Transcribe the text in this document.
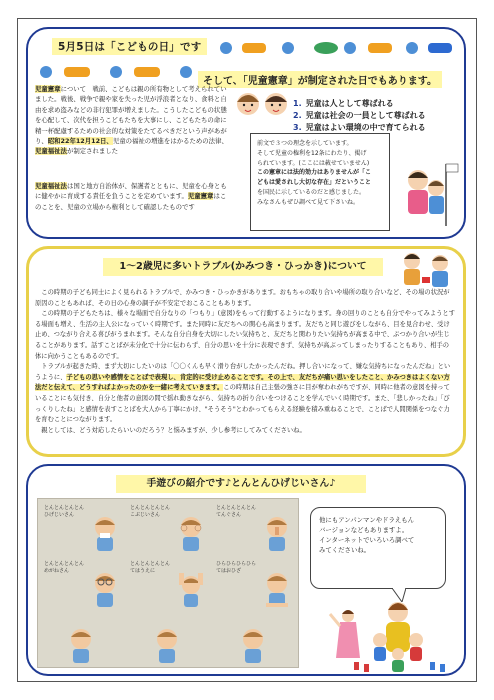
5月5日は「こどもの日」です
そして、「児童憲章」が制定された日でもあります。
児童憲章について　戦前、こどもは親の所有物として考えられていました。戦後、戦争で親や家を失った児が浮浪者となり、食料と自由を求め盗みなどの非行犯罪が増えました。こうしたこどもの状態を心配して、次代を担うこどもたちを大事にし、こどもたちの命に精一杯配慮するための社会的な対策をたてるべきだという声があがり、昭和22年12月12日、児童の福祉の増進をはかるための法律、児童福祉法が制定されました
児童福祉法は国と地方自治体が、保護者とともに、児童を心身ともに健やかに育成する責任を負うことを定めています。児童憲章はこのことを、児童の立場から権利として確認したものです
1. 児童は人として尊ばれる
2. 児童は社会の一員として尊ばれる
3. 児童はよい環境の中で育てられる
前文で３つの理念を示しています。
そして児童の権利を12条にわたり、掲げ
られています。(ここには載せていません)
この憲章には法的効力はありませんが「こ
どもは愛されし大切な存在」だということ
を国民に示しているのだと感じました。
みなさんもぜひ調べて見て下さいね。
1～2歳児に多いトラブル(かみつき・ひっかき)について

この時期の子ども同士によく見られるトラブルで、かみつき・ひっかきがあります。おもちゃの取り合いや場所の取り合いなど、その場の状況が原因のこともあれば、その日の心身の調子が不安定でおこることもあります。

この時期の子どもたちは、様々な場面で自分なりの「つもり」(意図)をもって行動するようになります。身の回りのことも自分でやってみようとする場面も増え、生活の主人公になっていく時期です。また同時に友だちへの関心も高まります。友だちと同じ遊びをしながら、目を見合わせ、受け止め、つながり合える喜びがうまれます。そんな自分自身を大切にしたい気持ちと、友だちと関わりたい気持ちが高まる中で、ぶつかり合いが生じることがあります。話すことばが未分化で十分に伝わらず、自分の思いを十分に表現できず、気持ちが高ぶってしまったりすることもあり、相手の体に向かうこともあるのです。

トラブルが起きた時、まず大切にしたいのは「〇〇くんも早く滑り台がしたかったんだね。押し合いになって、嫌な気持ちになったんだね」というように、子どもの思いや感情をことばで表現し、肯定的に受け止めることです。その上で、友だちが痛い思いをしたこと、かみつきはよくない方法だと伝えて、どうすればよかったのかを一緒に考えていきます。この時期は自己主張の強さに目が奪われがちですが、同時に他者の意図を持っていることにも気付き、自分と他者の意図の間で揺れ動きながら、気持ちの折り合いをつけることを学んでいく時期です。また、「悲しかったね」「びっくりしたね」と感情を表すことばを大人から丁寧にかけ、"そうそう"とわかってもらえる経験を積み重ねることで、ことばで人間関係をつなぐ力を育むことにつながります。

親としては、どう対応したらいいのだろう？と悩みますが、少し参考にしてみてくださいね。

手遊びの紹介です♪とんとんひげじいさん♪
とんとんとんとん
ひげじいさん
とんとんとんとん
こぶじいさん
とんとんとんとん
てんぐさん
とんとんとんとん
めがねさん
とんとんとんとん
てはうえに
ひらひらひらひら
てはおひざ
他にもアンパンマンやドラえもん
バージョンなどもありますよ。
インターネットでいろいろ調べて
みてくださいね。
